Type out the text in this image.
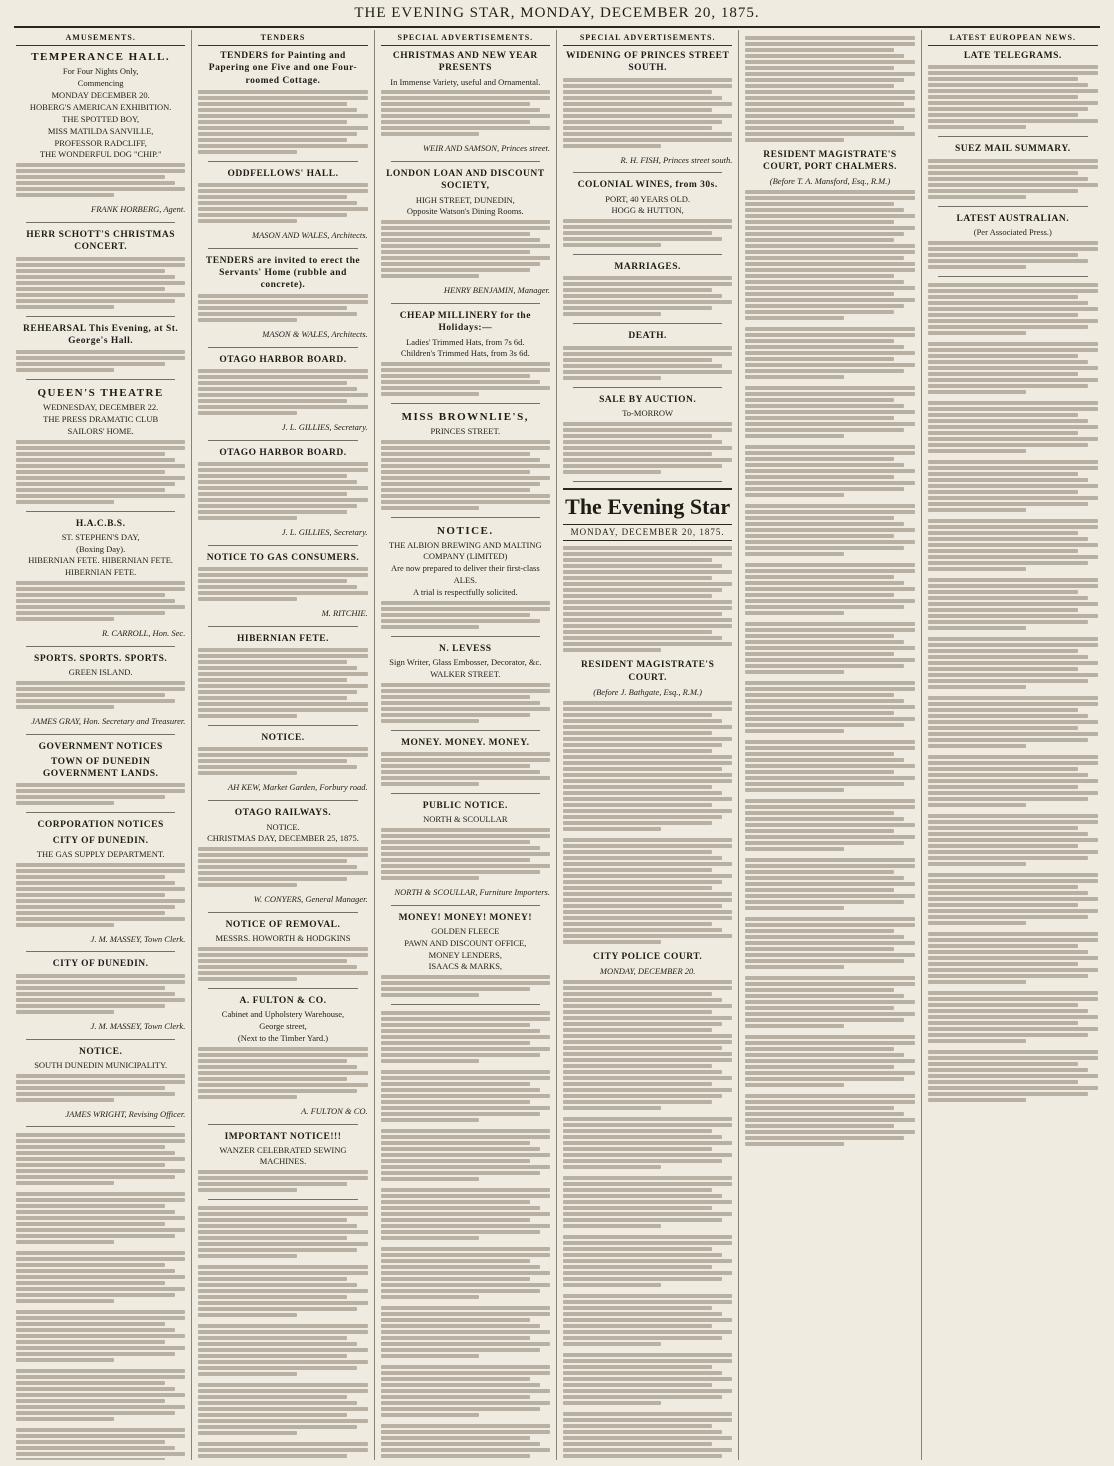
THE EVENING STAR, MONDAY, DECEMBER 20, 1875.
AMUSEMENTS.
TEMPERANCE HALL.
For Four Nights Only,
Commencing
MONDAY DECEMBER 20.
HOBERG'S AMERICAN EXHIBITION.
THE SPOTTED BOY,
MISS MATILDA SANVILLE,
PROFESSOR RADCLIFF,
THE WONDERFUL DOG "CHIP."
FRANK HORBERG, Agent.
HERR SCHOTT'S CHRISTMAS CONCERT.
REHEARSAL This Evening, at St. George's Hall.
QUEEN'S THEATRE
WEDNESDAY, DECEMBER 22.
THE PRESS DRAMATIC CLUB
SAILORS' HOME.
H.A.C.B.S.
ST. STEPHEN'S DAY,
(Boxing Day).
HIBERNIAN FETE. HIBERNIAN FETE.
HIBERNIAN FETE.
R. CARROLL, Hon. Sec.
SPORTS. SPORTS. SPORTS.
GREEN ISLAND.
JAMES GRAY, Hon. Secretary and Treasurer.
GOVERNMENT NOTICES
TOWN OF DUNEDIN GOVERNMENT LANDS.
CORPORATION NOTICES
CITY OF DUNEDIN.
THE GAS SUPPLY DEPARTMENT.
J. M. MASSEY, Town Clerk.
CITY OF DUNEDIN.
J. M. MASSEY, Town Clerk.
NOTICE.
SOUTH DUNEDIN MUNICIPALITY.
JAMES WRIGHT, Revising Officer.
TENDERS
TENDERS for Painting and Papering one Five and one Four-roomed Cottage.
ODDFELLOWS' HALL.
MASON AND WALES, Architects.
TENDERS are invited to erect the Servants' Home (rubble and concrete).
MASON & WALES, Architects.
OTAGO HARBOR BOARD.
J. L. GILLIES, Secretary.
OTAGO HARBOR BOARD.
J. L. GILLIES, Secretary.
NOTICE TO GAS CONSUMERS.
M. RITCHIE.
HIBERNIAN FETE.
NOTICE.
AH KEW, Market Garden, Forbury road.
OTAGO RAILWAYS.
NOTICE.
CHRISTMAS DAY, DECEMBER 25, 1875.
W. CONYERS, General Manager.
NOTICE OF REMOVAL.
MESSRS. HOWORTH & HODGKINS
A. FULTON & CO.
Cabinet and Upholstery Warehouse,
George street,
(Next to the Timber Yard.)
A. FULTON & CO.
IMPORTANT NOTICE!!!
WANZER CELEBRATED SEWING MACHINES.
SPECIAL ADVERTISEMENTS.
CHRISTMAS AND NEW YEAR PRESENTS
In Immense Variety, useful and Ornamental.
WEIR AND SAMSON, Princes street.
LONDON LOAN AND DISCOUNT SOCIETY,
HIGH STREET, DUNEDIN,
Opposite Watson's Dining Rooms.
HENRY BENJAMIN, Manager.
CHEAP MILLINERY for the Holidays:—
Ladies' Trimmed Hats, from 7s 6d.
Children's Trimmed Hats, from 3s 6d.
MISS BROWNLIE'S,
PRINCES STREET.
NOTICE.
THE ALBION BREWING AND MALTING COMPANY (LIMITED)
Are now prepared to deliver their first-class
ALES.
A trial is respectfully solicited.
N. LEVESS
Sign Writer, Glass Embosser, Decorator, &c.
WALKER STREET.
MONEY. MONEY. MONEY.
PUBLIC NOTICE.
NORTH & SCOULLAR
NORTH & SCOULLAR, Furniture Importers.
MONEY! MONEY! MONEY!
GOLDEN FLEECE
PAWN AND DISCOUNT OFFICE,
MONEY LENDERS,
ISAACS & MARKS,
SPECIAL ADVERTISEMENTS.
WIDENING OF PRINCES STREET SOUTH.
R. H. FISH, Princes street south.
COLONIAL WINES, from 30s.
PORT, 40 YEARS OLD.
HOGG & HUTTON,
MARRIAGES.
DEATH.
SALE BY AUCTION.
To-MORROW
The Evening Star
MONDAY, DECEMBER 20, 1875.
RESIDENT MAGISTRATE'S COURT.
(Before J. Bathgate, Esq., R.M.)
CITY POLICE COURT.
MONDAY, DECEMBER 20.
RESIDENT MAGISTRATE'S COURT, PORT CHALMERS.
(Before T. A. Mansford, Esq., R.M.)
LATEST EUROPEAN NEWS.
LATE TELEGRAMS.
SUEZ MAIL SUMMARY.
LATEST AUSTRALIAN.
(Per Associated Press.)
